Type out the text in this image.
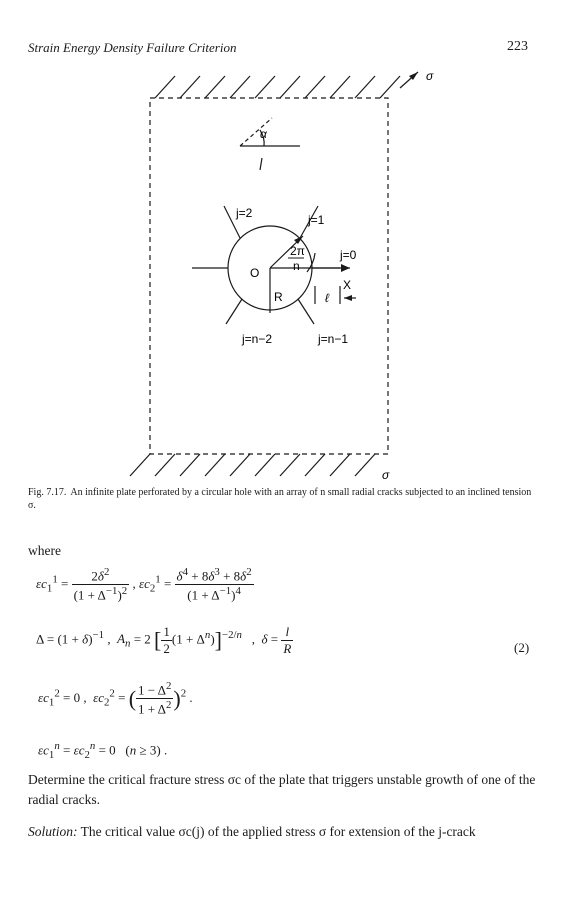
Strain Energy Density Failure Criterion	223
σ
σ
α
j=2	j=1
j=0
j=n−1
j=n−2
2π
n
O
R
X
ℓ
Fig. 7.17. An infinite plate perforated by a circular hole with an array of n small radial cracks subjected to an inclined tension σ.
where
$\varepsilon c_1^1 = \frac{2\delta^2}{(1 + \Delta^{-1})^2}$ , $\varepsilon c_2^1 = \frac{\delta^4 + 8\delta^3 + 8\delta^2}{(1 + \Delta^{-1})^4}$
$\Delta = (1 + \delta)^{-1}$ ,  $A_n = 2$ [ $\frac{1}{2} (1 + \Delta^n)]^{-2/n}$   ,  $\delta = \frac{l}{R}$	(2)
$\varepsilon c_1^2 = 0$ ,  $\varepsilon c_2^2$ = ( $\frac{1 - \Delta^2}{1 + \Delta^2} )^2$ .
$\varepsilon c_1^n = \varepsilon c_2^n = 0$   (n ≥ 3) .
Determine the critical fracture stress σc of the plate that triggers unstable growth of one of the radial cracks.
Solution: The critical value σc(j) of the applied stress σ for extension of the j-crack
